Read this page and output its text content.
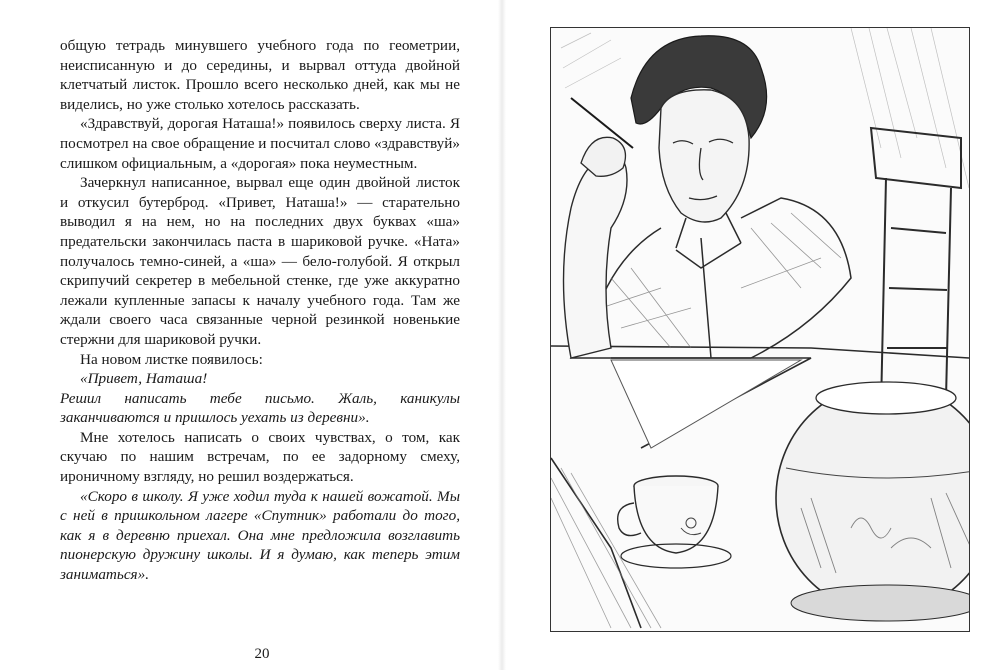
общую тетрадь минувшего учебного года по геометрии, неисписанную и до середины, и вырвал оттуда двойной клетчатый листок. Прошло всего несколько дней, как мы не виделись, но уже столько хотелось рассказать.

«Здравствуй, дорогая Наташа!» появилось сверху листа. Я посмотрел на свое обращение и посчитал слово «здравствуй» слишком официальным, а «дорогая» пока неуместным.

Зачеркнул написанное, вырвал еще один двойной листок и откусил бутерброд. «Привет, Наташа!» — старательно выводил я на нем, но на последних двух буквах «ша» предательски закончилась паста в шариковой ручке. «Ната» получалось темно-синей, а «ша» — бело-голубой. Я открыл скрипучий секретер в мебельной стенке, где уже аккуратно лежали купленные запасы к началу учебного года. Там же ждали своего часа связанные черной резинкой новенькие стержни для шариковой ручки.

На новом листке появилось:

«Привет, Наташа!

Решил написать тебе письмо. Жаль, каникулы заканчиваются и пришлось уехать из деревни».

Мне хотелось написать о своих чувствах, о том, как скучаю по нашим встречам, по ее задорному смеху, ироничному взгляду, но решил воздержаться.

«Скоро в школу. Я уже ходил туда к нашей вожатой. Мы с ней в пришкольном лагере «Спутник» работали до того, как я в деревню приехал. Она мне предложила возглавить пионерскую дружину школы. И я думаю, как теперь этим заниматься».

20
